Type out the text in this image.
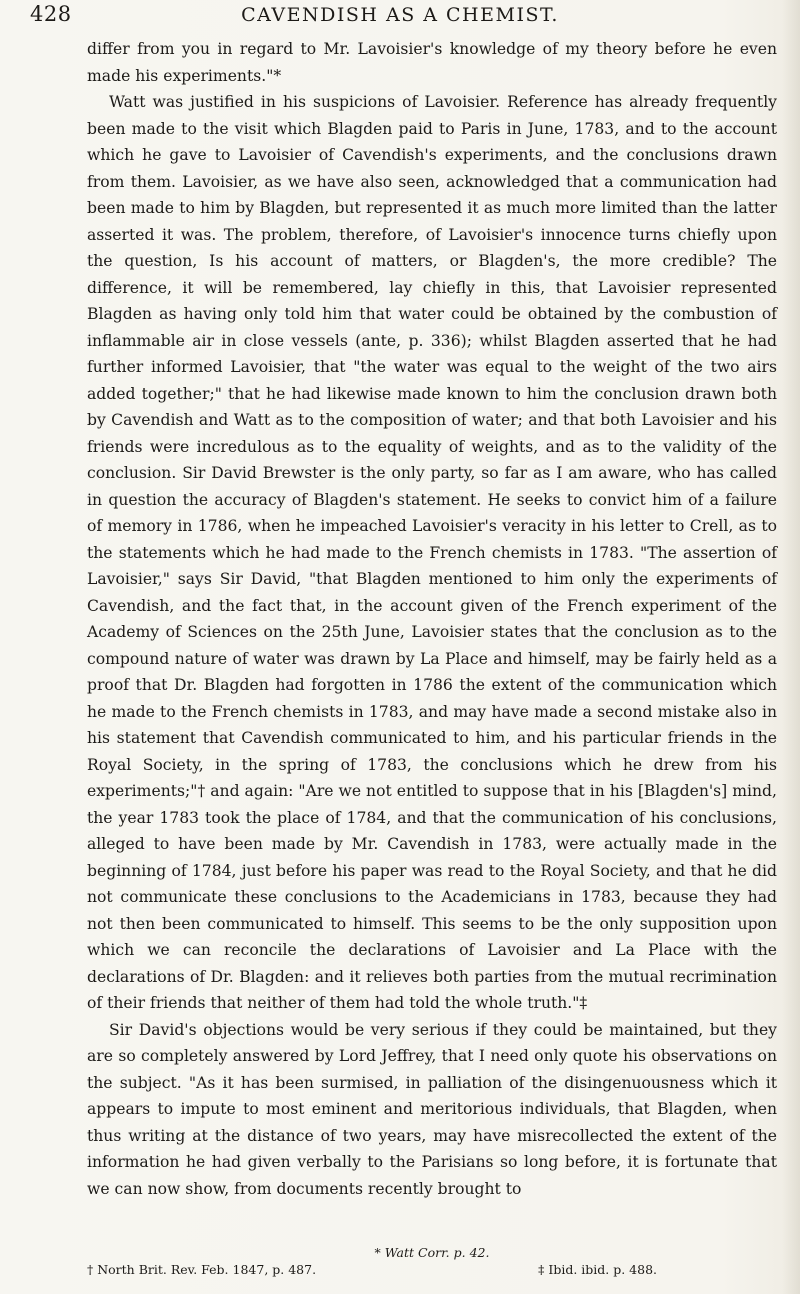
428	CAVENDISH AS A CHEMIST.

differ from you in regard to Mr. Lavoisier's knowledge of my theory before he even made his experiments."*

Watt was justified in his suspicions of Lavoisier. Reference has already frequently been made to the visit which Blagden paid to Paris in June, 1783, and to the account which he gave to Lavoisier of Cavendish's experiments, and the conclusions drawn from them. Lavoisier, as we have also seen, acknowledged that a communication had been made to him by Blagden, but represented it as much more limited than the latter asserted it was. The problem, therefore, of Lavoisier's innocence turns chiefly upon the question, Is his account of matters, or Blagden's, the more credible? The difference, it will be remembered, lay chiefly in this, that Lavoisier represented Blagden as having only told him that water could be obtained by the combustion of inflammable air in close vessels (ante, p. 336); whilst Blagden asserted that he had further informed Lavoisier, that "the water was equal to the weight of the two airs added together;" that he had likewise made known to him the conclusion drawn both by Cavendish and Watt as to the composition of water; and that both Lavoisier and his friends were incredulous as to the equality of weights, and as to the validity of the conclusion. Sir David Brewster is the only party, so far as I am aware, who has called in question the accuracy of Blagden's statement. He seeks to convict him of a failure of memory in 1786, when he impeached Lavoisier's veracity in his letter to Crell, as to the statements which he had made to the French chemists in 1783. "The assertion of Lavoisier," says Sir David, "that Blagden mentioned to him only the experiments of Cavendish, and the fact that, in the account given of the French experiment of the Academy of Sciences on the 25th June, Lavoisier states that the conclusion as to the compound nature of water was drawn by La Place and himself, may be fairly held as a proof that Dr. Blagden had forgotten in 1786 the extent of the communication which he made to the French chemists in 1783, and may have made a second mistake also in his statement that Cavendish communicated to him, and his particular friends in the Royal Society, in the spring of 1783, the conclusions which he drew from his experiments;"† and again: "Are we not entitled to suppose that in his [Blagden's] mind, the year 1783 took the place of 1784, and that the communication of his conclusions, alleged to have been made by Mr. Cavendish in 1783, were actually made in the beginning of 1784, just before his paper was read to the Royal Society, and that he did not communicate these conclusions to the Academicians in 1783, because they had not then been communicated to himself. This seems to be the only supposition upon which we can reconcile the declarations of Lavoisier and La Place with the declarations of Dr. Blagden: and it relieves both parties from the mutual recrimination of their friends that neither of them had told the whole truth."‡

Sir David's objections would be very serious if they could be maintained, but they are so completely answered by Lord Jeffrey, that I need only quote his observations on the subject. "As it has been surmised, in palliation of the disingenuousness which it appears to impute to most eminent and meritorious individuals, that Blagden, when thus writing at the distance of two years, may have misrecollected the extent of the information he had given verbally to the Parisians so long before, it is fortunate that we can now show, from documents recently brought to

* Watt Corr. p. 42.
† North Brit. Rev. Feb. 1847, p. 487.	‡ Ibid. ibid. p. 488.
